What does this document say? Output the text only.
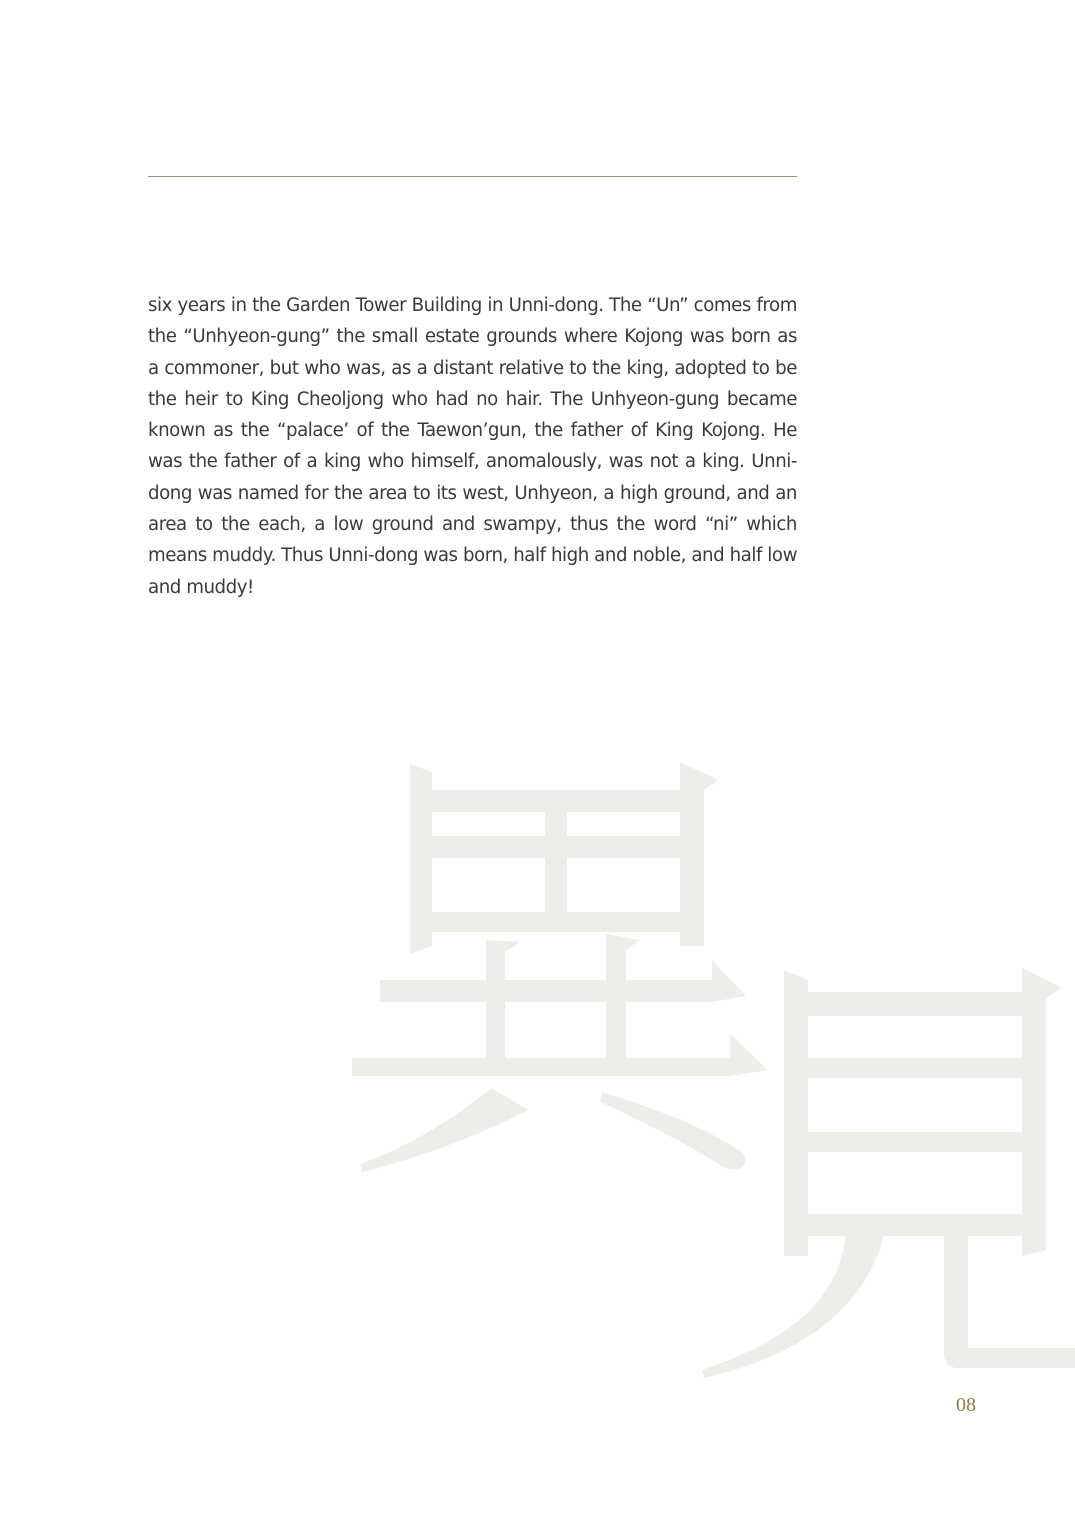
six years in the Garden Tower Building in Unni-dong. The “Un” comes from the “Unhyeon-gung” the small estate grounds where Kojong was born as a commoner, but who was, as a distant relative to the king, adopted to be the heir to King Cheoljong who had no hair. The Unhyeon-gung became known as the “palace’ of the Taewon’gun, the father of King Kojong. He was the father of a king who himself, anomalously, was not a king. Unni-dong was named for the area to its west, Unhyeon, a high ground, and an area to the each, a low ground and swampy, thus the word “ni” which means muddy. Thus Unni-dong was born, half high and noble, and half low and muddy!

08
